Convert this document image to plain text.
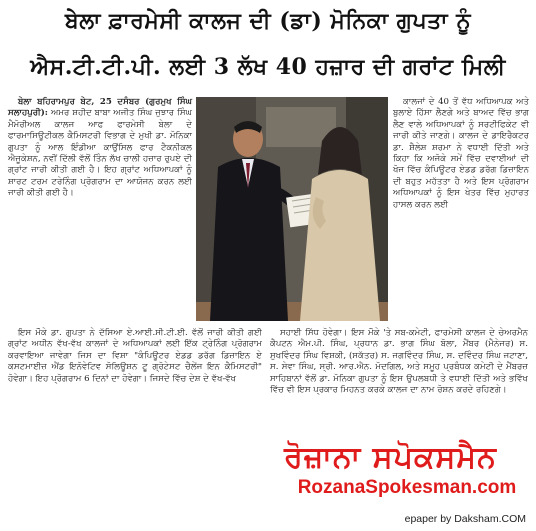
ਬੇਲਾ ਫ਼ਾਰਮੇਸੀ ਕਾਲਜ ਦੀ (ਡਾ) ਮੋਨਿਕਾ ਗੁਪਤਾ ਨੂੰ
ਐਸ.ਟੀ.ਟੀ.ਪੀ. ਲਈ 3 ਲੱਖ 40 ਹਜ਼ਾਰ ਦੀ ਗਰਾਂਟ ਮਿਲੀ

ਬੇਲਾ ਬਹਿਰਾਮਪੁਰ ਬੇਟ, 25 ਦਸੰਬਰ (ਗੁਰਮੁਖ ਸਿੰਘ ਸਲਾਹਪੁਰੀ): ਅਮਰ ਸ਼ਹੀਦ ਬਾਬਾ ਅਜੀਤ ਸਿੰਘ ਜੁਝਾਰ ਸਿੰਘ ਮੈਮੋਰੀਅਲ ਕਾਲਜ ਆਫ ਫਾਰਮੇਸੀ ਬੇਲਾ ਦੇ ਫਾਰਮਾਸਿਊਟੀਕਲ ਕੈਮਿਸਟਰੀ ਵਿਭਾਗ ਦੇ ਮੁਖੀ ਡਾ. ਮੋਨਿਕਾ ਗੁਪਤਾ ਨੂੰ ਆਲ ਇੰਡੀਆ ਕਾਉਂਸਿਲ ਫਾਰ ਟੈਕਨੀਕਲ ਐਜੂਕੇਸ਼ਨ, ਨਵੀਂ ਦਿੱਲੀ ਵੱਲੋਂ ਤਿੰਨ ਲੱਖ ਚਾਲੀ ਹਜ਼ਾਰ ਰੁਪਏ ਦੀ ਗ੍ਰਾਂਟ ਜਾਰੀ ਕੀਤੀ ਗਈ ਹੈ। ਇਹ ਗ੍ਰਾਂਟ ਅਧਿਆਪਕਾਂ ਨੂੰ ਸ਼ਾਰਟ ਟਰਮ ਟਰੇਨਿੰਗ ਪ੍ਰੋਗਰਾਮ ਦਾ ਆਯੋਜਨ ਕਰਨ ਲਈ ਜਾਰੀ ਕੀਤੀ ਗਈ ਹੈ।

ਕਾਲਜਾਂ ਦੇ 40 ਤੋਂ ਵੱਧ ਅਧਿਆਪਕ ਅਤੇ ਬੁਲਾਏ ਹਿੱਸਾ ਲੈਣਗੇ ਅਤੇ ਬਾਅਦ ਵਿੱਚ ਭਾਗ ਲੈਣ ਵਾਲੇ ਅਧਿਆਪਕਾਂ ਨੂੰ ਸਰਟੀਫਿਕੇਟ ਵੀ ਜਾਰੀ ਕੀਤੇ ਜਾਣਗੇ। ਕਾਲਜ ਦੇ ਡਾਇਰੈਕਟਰ ਡਾ. ਸ਼ੈਲੇਸ਼ ਸ਼ਰਮਾ ਨੇ ਵਧਾਈ ਦਿੱਤੀ ਅਤੇ ਕਿਹਾ ਕਿ ਅਜੋਕੇ ਸਮੇਂ ਵਿੱਚ ਦਵਾਈਆਂ ਦੀ ਖੋਜ ਵਿੱਚ ਕੰਪਿਊਟਰ ਏਡਡ ਡਰੱਗ ਡਿਜ਼ਾਇਨ ਦੀ ਬਹੁਤ ਮਹੱਤਤਾ ਹੈ ਅਤੇ ਇਸ ਪ੍ਰੋਗਰਾਮ ਅਧਿਆਪਕਾਂ ਨੂੰ ਇਸ ਖੇਤਰ ਵਿੱਚ ਮੁਹਾਰਤ ਹਾਸਲ ਕਰਨ ਲਈ

ਇਸ ਮੌਕੇ ਡਾ. ਗੁਪਤਾ ਨੇ ਦੱਸਿਆ ਏ.ਆਈ.ਸੀ.ਟੀ.ਈ. ਵੱਲੋਂ ਜਾਰੀ ਕੀਤੀ ਗਈ ਗ੍ਰਾਂਟ ਅਧੀਨ ਵੱਖ-ਵੱਖ ਕਾਲਜਾਂ ਦੇ ਅਧਿਆਪਕਾਂ ਲਈ ਇੱਕ ਟ੍ਰੇਨਿੰਗ ਪ੍ਰੋਗਰਾਮ ਕਰਵਾਇਆ ਜਾਵੇਗਾ ਜਿਸ ਦਾ ਵਿਸ਼ਾ "ਕੰਪਿਊਟਰ ਏਡਡ ਡਰੱਗ ਡਿਜ਼ਾਇਨ ਏ ਕਸਟਮਾਈਜ਼ ਐਂਡ ਇਨੋਵੇਟਿਵ ਸੋਲਿਊਸ਼ਨ ਟੂ ਗ੍ਰੋਟੇਸਟ ਚੈਲੇਂਜ ਇਨ ਕੈਮਿਸਟਰੀ" ਹੋਵੇਗਾ। ਇਹ ਪ੍ਰੋਗਰਾਮ 6 ਦਿਨਾਂ ਦਾ ਹੋਵੇਗਾ। ਜਿਸਦੇ ਵਿੱਚ ਦੇਸ਼ ਦੇ ਵੱਖ-ਵੱਖ

ਸਹਾਈ ਸਿੱਧ ਹੋਵੇਗਾ। ਇਸ ਮੌਕੇ 'ਤੇ ਸਬ-ਕਮੇਟੀ, ਫਾਰਮੇਸੀ ਕਾਲਜ ਦੇ ਚੇਅਰਮੈਨ ਕੈਪਟਨ ਐਮ.ਪੀ. ਸਿੰਘ, ਪ੍ਰਧਾਨ ਡਾ. ਭਾਗ ਸਿੰਘ ਬੋਲਾ, ਮੈਂਬਰ (ਮੈਨੇਜਰ) ਸ. ਸੁਖਵਿੰਦਰ ਸਿੰਘ ਵਿਸ਼ਕੀ, (ਸਕੱਤਰ) ਸ. ਜਗਵਿੰਦਰ ਸਿੰਘ, ਸ. ਦਵਿੰਦਰ ਸਿੰਘ ਜਟਾਣਾ, ਸ. ਸੇਵਾ ਸਿੰਘ, ਸ੍ਰੀ. ਆਰ.ਐਨ. ਮੋਦਗਿਲ, ਅਤੇ ਸਮੂਹ ਪ੍ਰਬੰਧਕ ਕਮੇਟੀ ਦੇ ਮੈਂਬਰਜ਼ ਸਾਹਿਬਾਨਾਂ ਵੱਲੋਂ ਡਾ. ਮੋਨਿਕਾ ਗੁਪਤਾ ਨੂੰ ਇਸ ਉਪਲਬਧੀ ਤੇ ਵਧਾਈ ਦਿੱਤੀ ਅਤੇ ਭਵਿੱਖ ਵਿੱਚ ਵੀ ਇਸ ਪ੍ਰਕਾਰ ਮਿਹਨਤ ਕਰਕੇ ਕਾਲਜ ਦਾ ਨਾਮ ਰੋਸ਼ਨ ਕਰਦੇ ਰਹਿਣਗੇ।

ਰੋਜ਼ਾਨਾ ਸਪੋਕਸਮੈਨ
RozanaSpokesman.com
epaper by Daksham.COM
